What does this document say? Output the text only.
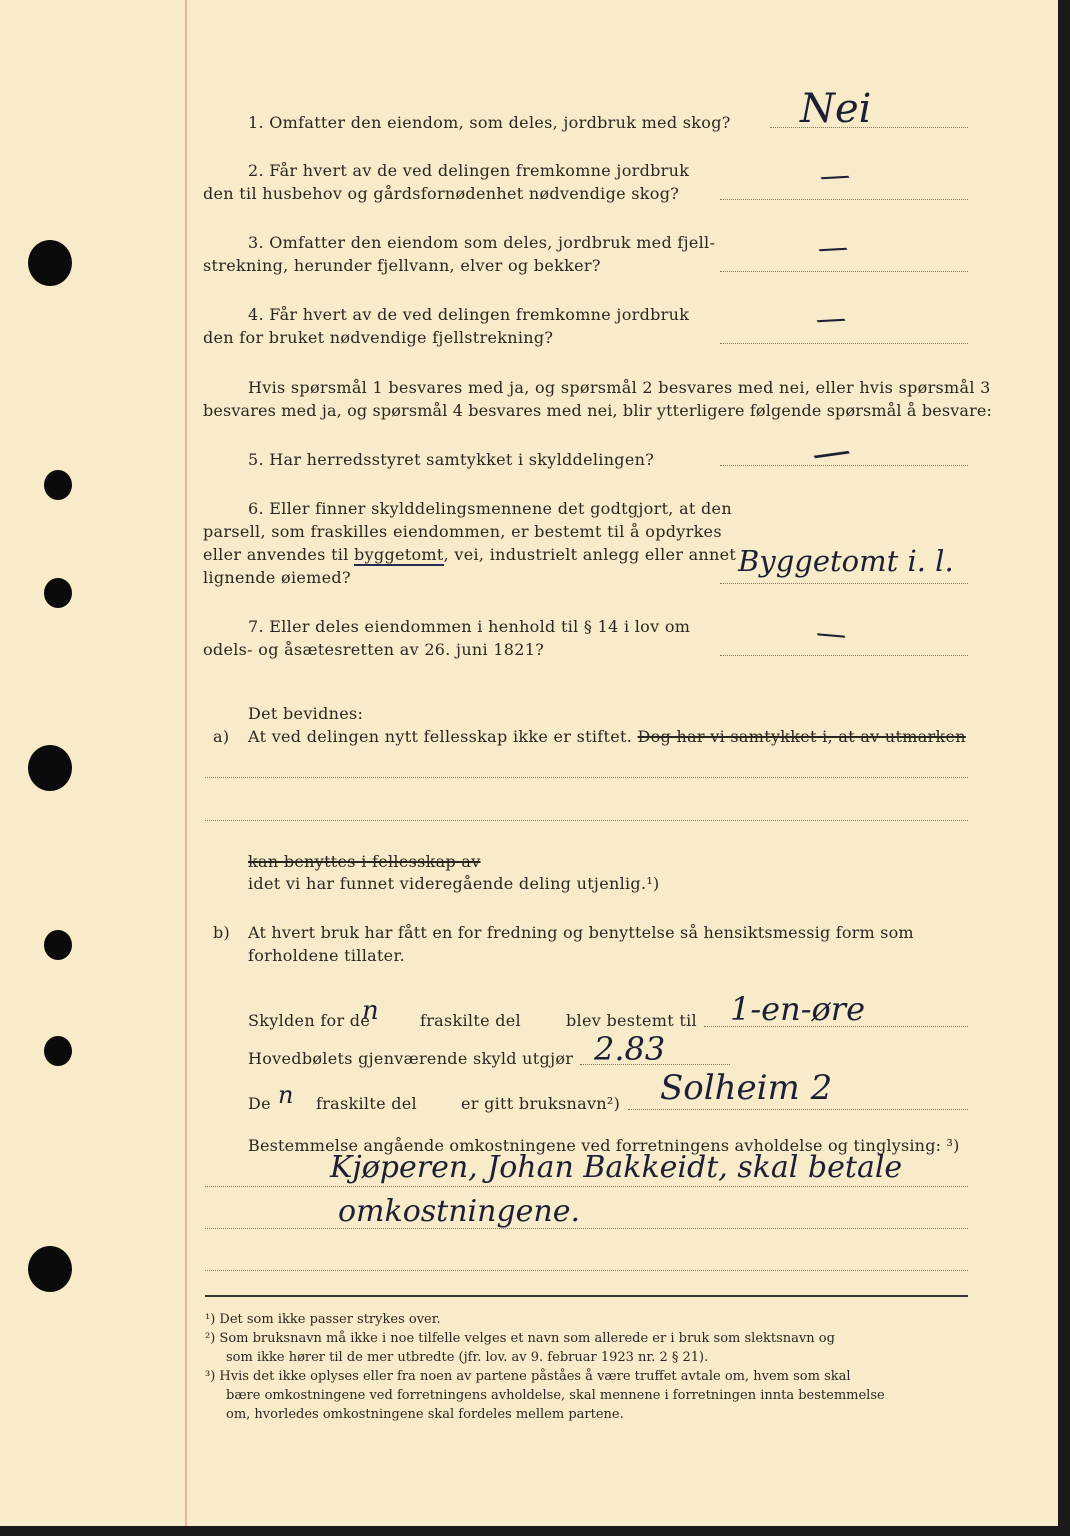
1. Omfatter den eiendom, som deles, jordbruk med skog? Nei
2. Får hvert av de ved delingen fremkomne jordbruk
den til husbehov og gårdsfornødenhet nødvendige skog?
/
3. Omfatter den eiendom som deles, jordbruk med fjell-
strekning, herunder fjellvann, elver og bekker?
/
4. Får hvert av de ved delingen fremkomne jordbruk
den for bruket nødvendige fjellstrekning?
/
Hvis spørsmål 1 besvares med ja, og spørsmål 2 besvares med nei, eller hvis spørsmål 3
besvares med ja, og spørsmål 4 besvares med nei, blir ytterligere følgende spørsmål å besvare:
5. Har herredsstyret samtykket i skylddelingen?	/
6. Eller finner skylddelingsmennene det godtgjort, at den
parsell, som fraskilles eiendommen, er bestemt til å opdyrkes
eller anvendes til byggetomt, vei, industrielt anlegg eller annet
lignende øiemed?	Byggetomt i. l.
7. Eller deles eiendommen i henhold til § 14 i lov om
odels- og åsætesretten av 26. juni 1821?
/
Det bevidnes:
a) At ved delingen nytt fellesskap ikke er stiftet. Dog har vi samtykket i, at av utmarken
kan benyttes i fellesskap av
idet vi har funnet videregående deling utjenlig.¹)
b) At hvert bruk har fått en for fredning og benyttelse så hensiktsmessig form som
forholdene tillater.
Skylden for de
n	fraskilte del	blev bestemt til 1-en-øre
Hovedbølets gjenværende skyld utgjør 2.83
De n fraskilte del	er gitt bruksnavn²) Solheim 2
Bestemmelse angående omkostningene ved forretningens avholdelse og tinglysing: ³)
Kjøperen, Johan Bakkeidt, skal betale
omkostningene.
¹) Det som ikke passer strykes over.
²) Som bruksnavn må ikke i noe tilfelle velges et navn som allerede er i bruk som slektsnavn og
som ikke hører til de mer utbredte (jfr. lov. av 9. februar 1923 nr. 2 § 21).
³) Hvis det ikke oplyses eller fra noen av partene påståes å være truffet avtale om, hvem som skal
bære omkostningene ved forretningens avholdelse, skal mennene i forretningen innta bestemmelse
om, hvorledes omkostningene skal fordeles mellem partene.
